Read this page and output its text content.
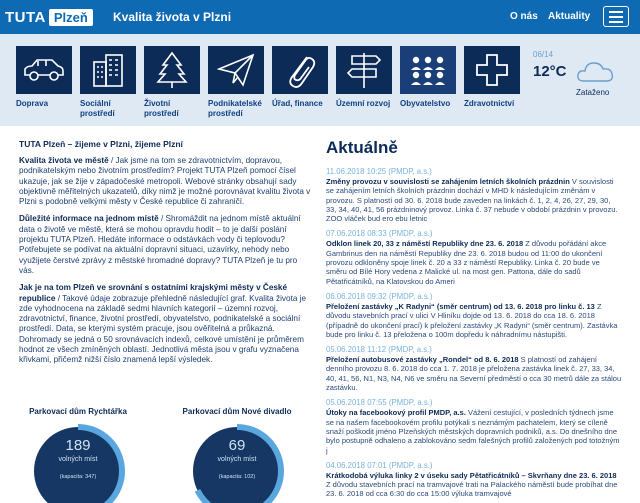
TUTA Plzeň	Kvalita života v Plzni	O nás Aktuality
Doprava	Sociální prostředí
Životní prostředí
Podnikatelské prostředí
Úřad, finance	Územní rozvoj	Obyvatelstvo	Zdravotnictví
06/14
12°C
Zataženo
TUTA Plzeň – žijeme v Plzni, žijeme Plzní

Kvalita života ve městě / Jak jsme na tom se zdravotnictvím, dopravou, podnikatelským nebo životním prostředím? Projekt TUTA Plzeň pomocí čísel ukazuje, jak se žije v západočeské metropoli. Webové stránky obsahují sady objektivně měřitelných ukazatelů, díky nimž je možné porovnávat kvalitu života v Plzni s podobně velkými městy v České republice či zahraničí.

Důležité informace na jednom místě / Shromáždit na jednom místě aktuální data o životě ve městě, která se mohou opravdu hodit – to je další poslání projektu TUTA Plzeň. Hledáte informace o odstávkách vody či teplovodu? Potřebujete se podívat na aktuální dopravní situaci, uzavírky, nehody nebo využijete čerstvé zprávy z městské hromadné dopravy? TUTA Plzeň je tu pro vás.

Jak je na tom Plzeň ve srovnání s ostatními krajskými městy v České republice / Takové údaje zobrazuje přehledně následující graf. Kvalita života je zde vyhodnocena na základě sedmi hlavních kategorií – územní rozvoj, zdravotnictví, finance, životní prostředí, obyvatelstvo, podnikatelské a sociální prostředí. Data, se kterými systém pracuje, jsou ověřitelná a průkazná. Dohromady se jedná o 50 srovnávacích indexů, celkové umístění je průměrem hodnot ze všech zmíněných oblastí. Jednotlivá města jsou v grafu vyznačena křivkami, přičemž nižší číslo znamená lepší výsledek.

Parkovací dům Rychtářka
189
volných míst
(kapacita: 347)
Parkovací dům Nové divadlo
69
volných míst
(kapacita: 102)
Aktuálně
11.06.2018 10:25 (PMDP, a.s.)
Změny provozu v souvislosti se zahájením letních školních prázdnin V souvislosti se zahájením letních školních prázdnin dochází v MHD k následujícím změnám v provozu. S platností od 30. 6. 2018 bude zaveden na linkách č. 1, 2, 4, 26, 27, 29, 30, 33, 34, 40, 41, 56 prázdninový provoz. Linka č. 37 nebude v období prázdnin v provozu. ZOO vláček bud ero ebu letnic
07.06.2018 08:33 (PMDP, a.s.)
Odklon linek 20, 33 z náměstí Republiky dne 23. 6. 2018 Z důvodu pořádání akce Gambrinus den na náměstí Republiky dne 23. 6. 2018 budou od 11:00 do ukončení provozu odkloněny spoje linek č. 20 a 33 z náměstí Republiky. Linka č. 20 bude ve směru od Bílé Hory vedena z Malické ul. na most gen. Pattona, dále do sadů Pětatřicátníků, na Klatovskou do Ameri
06.06.2018 09:32 (PMDP, a.s.)
Přeložení zastávky „K Radyni“ (směr centrum) od 13. 6. 2018 pro linku č. 13 Z důvodu stavebních prací v ulici V Hliníku dojde od 13. 6. 2018 do cca 18. 6. 2018 (případně do ukončení prací) k přeložení zastávky „K Radyni“ (směr centrum). Zastávka bude pro linku č. 13 přeložena o 100m dopředu k náhradnímu nástupišti.
05.06.2018 11:12 (PMDP, a.s.)
Přeložení autobusové zastávky „Rondel“ od 8. 6. 2018 S platností od zahájení denního provozu 8. 6. 2018 do cca 1. 7. 2018 je přeložena zastávka linek č. 27, 33, 34, 40, 41, 56, N1, N3, N4, N6 ve směru na Severní předměstí o cca 30 metrů dále za stálou zastávku.
05.06.2018 07:55 (PMDP, a.s.)
Útoky na facebookový profil PMDP, a.s. Vážení cestující, v posledních týdnech jsme se na našem facebookovém profilu potýkali s neznámým pachatelem, který se cíleně snaží poškodit jméno Plzeňských městských dopravních podniků, a.s. Do dnešního dne bylo postupně odhaleno a zablokováno sedm falešných profilů založených pod totožným j
04.06.2018 07:01 (PMDP, a.s.)
Krátkodobá výluka linky 2 v úseku sady Pětatřicátníků – Skvrňany dne 23. 6. 2018 Z důvodu stavebních prací na tramvajové trati na Palackého náměstí bude probíhat dne 23. 6. 2018 od cca 6:30 do cca 15:00 výluka tramvajové
